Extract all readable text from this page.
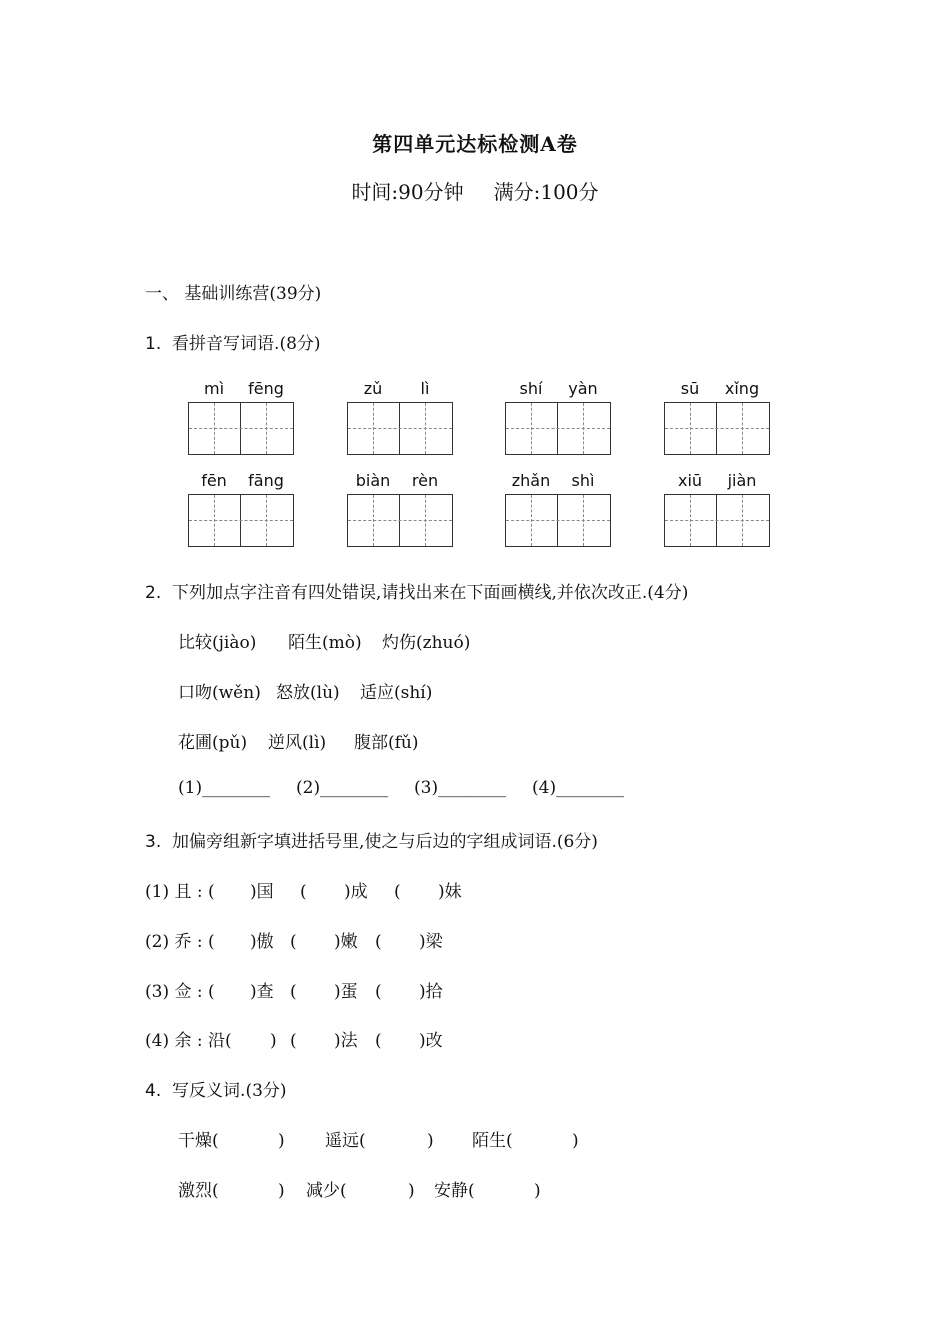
第四单元达标检测A卷
时间:90分钟 满分:100分
一、 基础训练营(39分)
1. 看拼音写词语.(8分)
mì	fēng	zǔ	lì	shí	yàn	sū	xǐng
fēn	fāng	biàn	rèn	zhǎn	shì	xiū	jiàn
2. 下列加点字注音有四处错误,请找出来在下面画横线,并依次改正.(4分)
比较(jiào) 陌生(mò) 灼伤(zhuó)
口吻(wěn) 怒放(lù) 适应(shí)
花圃(pǔ) 逆风(lì) 腹部(fǔ)
(1)________ (2)________ (3)________ (4)________
3. 加偏旁组新字填进括号里,使之与后边的字组成词语.(6分)
(1) 且 : ( )国 ( )成 ( )妹
(2) 乔 : ( )傲 ( )嫩 ( )梁
(3) 佥 : ( )查 ( )蛋 ( )拾
(4) 余 : 沿( ) ( )法 ( )改
4. 写反义词.(3分)
干燥(	) 遥远(	) 陌生(	)
激烈(	) 减少(	) 安静(	)
